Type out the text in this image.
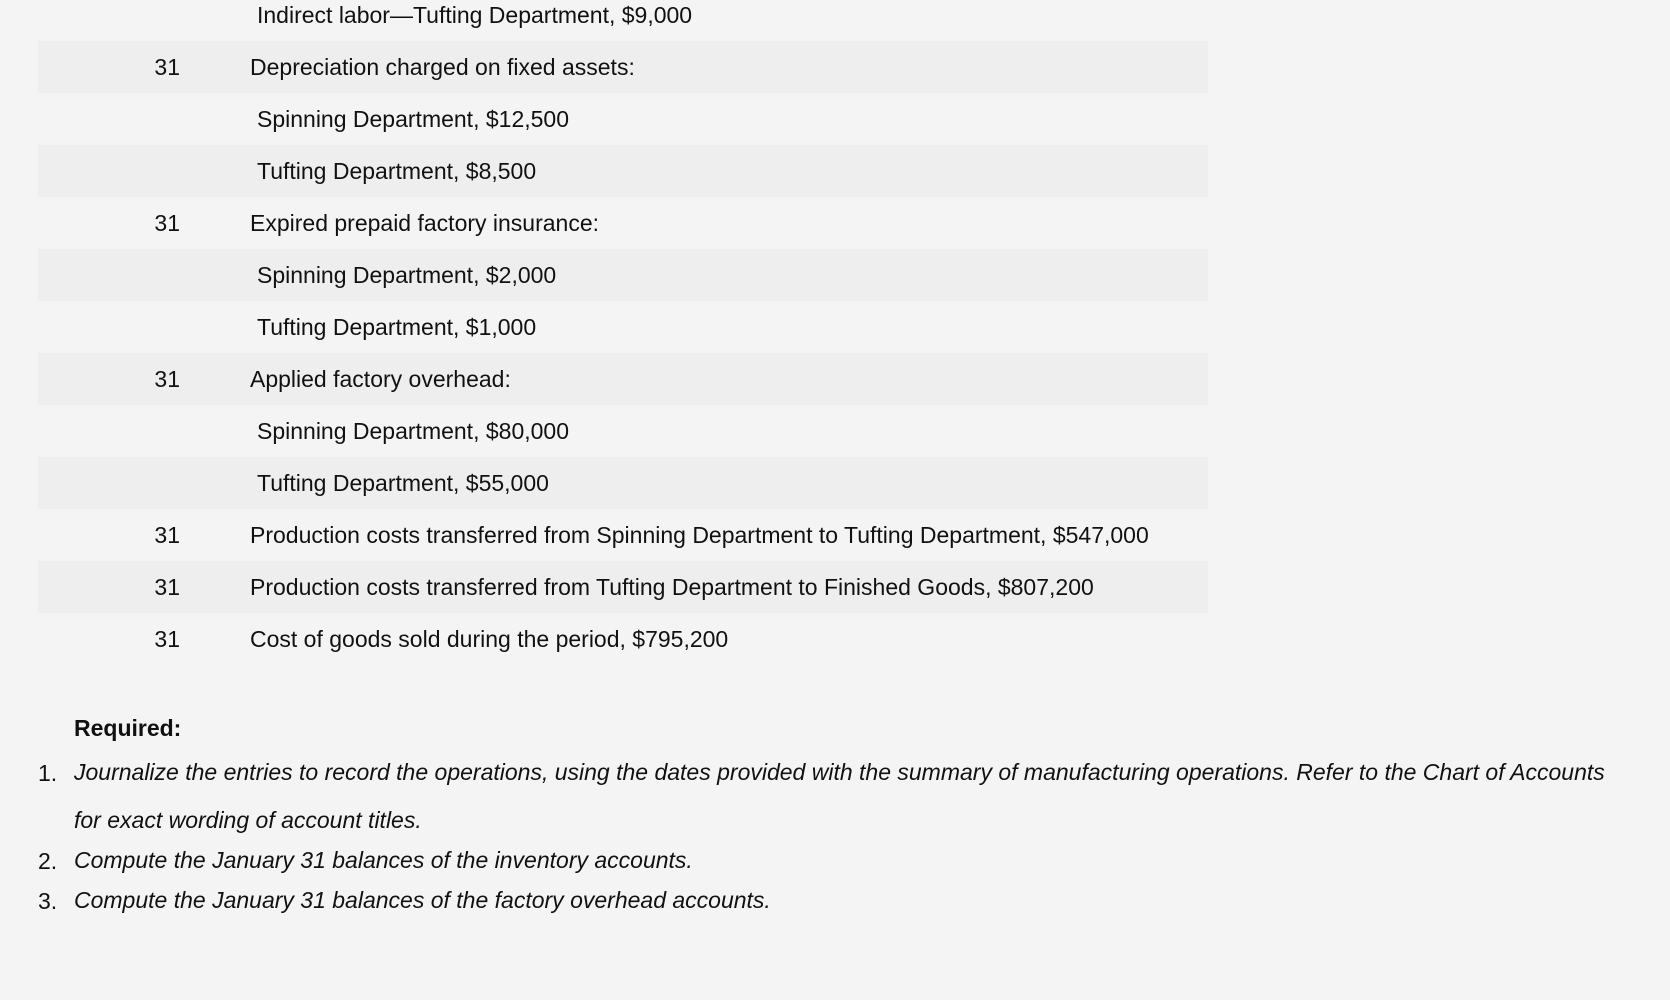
Indirect labor—Tufting Department, $9,000
31	Depreciation charged on fixed assets:
Spinning Department, $12,500
Tufting Department, $8,500
31	Expired prepaid factory insurance:
Spinning Department, $2,000
Tufting Department, $1,000
31	Applied factory overhead:
Spinning Department, $80,000
Tufting Department, $55,000
31	Production costs transferred from Spinning Department to Tufting Department, $547,000
31	Production costs transferred from Tufting Department to Finished Goods, $807,200
31	Cost of goods sold during the period, $795,200
Required:
1. Journalize the entries to record the operations, using the dates provided with the summary of manufacturing operations. Refer to the Chart of Accounts for exact wording of account titles.
2. Compute the January 31 balances of the inventory accounts.
3. Compute the January 31 balances of the factory overhead accounts.
